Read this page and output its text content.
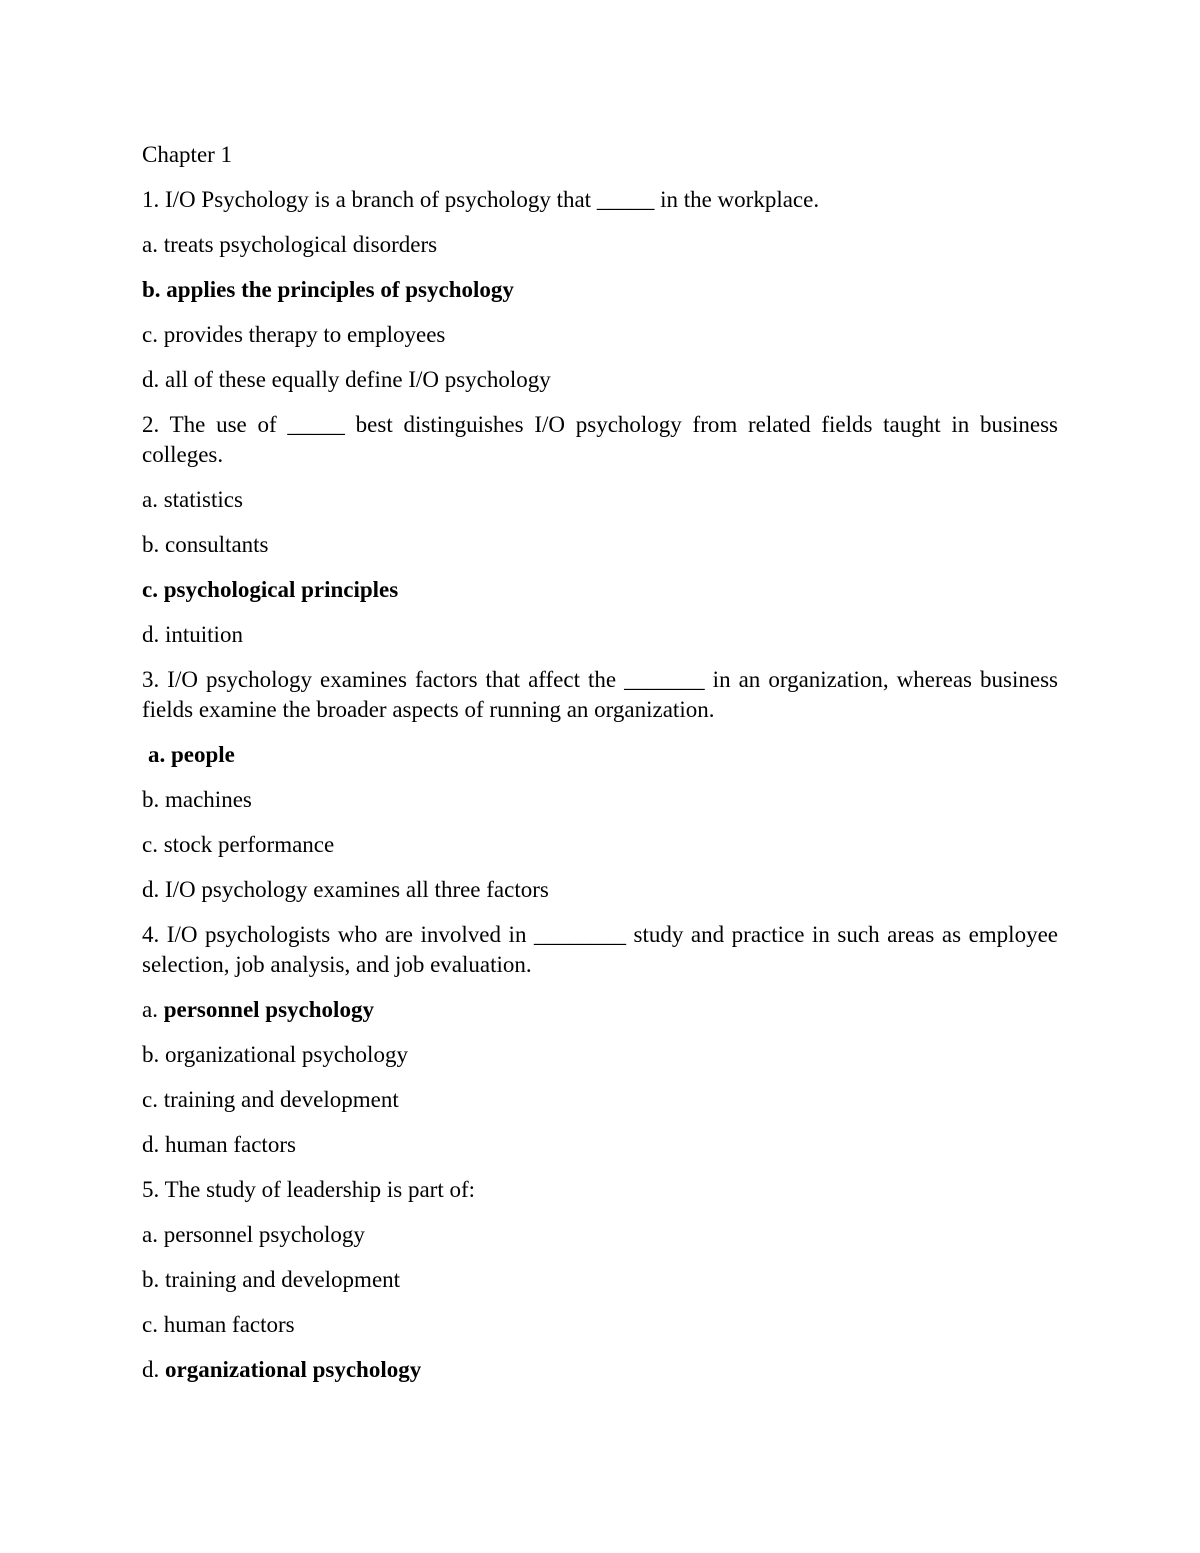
Chapter 1
1. I/O Psychology is a branch of psychology that _____ in the workplace.
a. treats psychological disorders
b. applies the principles of psychology
c. provides therapy to employees
d. all of these equally define I/O psychology
2. The use of _____ best distinguishes I/O psychology from related fields taught in business colleges.
a. statistics
b. consultants
c. psychological principles
d. intuition
3. I/O psychology examines factors that affect the _______ in an organization, whereas business fields examine the broader aspects of running an organization.
a. people
b. machines
c. stock performance
d. I/O psychology examines all three factors
4. I/O psychologists who are involved in ________ study and practice in such areas as employee selection, job analysis, and job evaluation.
a. personnel psychology
b. organizational psychology
c. training and development
d. human factors
5. The study of leadership is part of:
a. personnel psychology
b. training and development
c. human factors
d. organizational psychology
